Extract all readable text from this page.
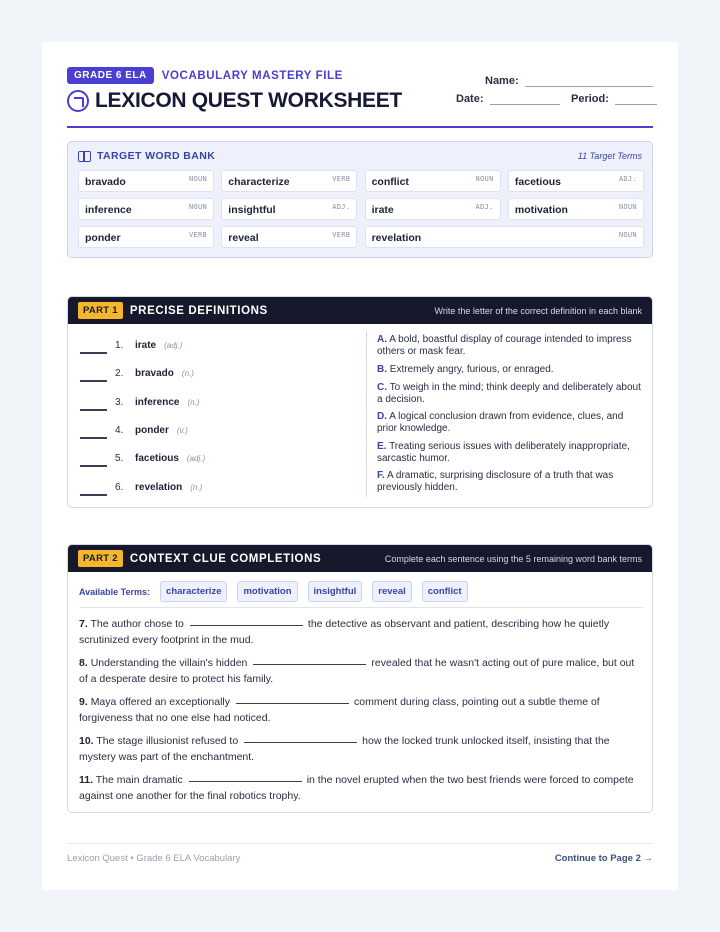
GRADE 6 ELA	VOCABULARY MASTERY FILE
LEXICON QUEST WORKSHEET
Name:
Date:	Period:
TARGET WORD BANK	11 Target Terms
bravado	NOUN characterize	VERB conflict	NOUN facetious	ADJ.
inference	NOUN insightful	ADJ. irate	ADJ. motivation	NOUN
ponder	VERB reveal	VERB revelation	NOUN
PART 1	PRECISE DEFINITIONS	Write the letter of the correct definition in each blank
1.	irate (adj.)
2.	bravado (n.)
3.	inference (n.)
4.	ponder (v.)
5.	facetious (adj.)
6.	revelation (n.)
A. A bold, boastful display of courage intended to impress others or mask fear.
B. Extremely angry, furious, or enraged.
C. To weigh in the mind; think deeply and deliberately about a decision.
D. A logical conclusion drawn from evidence, clues, and prior knowledge.
E. Treating serious issues with deliberately inappropriate, sarcastic humor.
F. A dramatic, surprising disclosure of a truth that was previously hidden.
PART 2	CONTEXT CLUE COMPLETIONS	Complete each sentence using the 5 remaining word bank terms
Available Terms:	characterize	motivation	insightful	reveal	conflict

7. The author chose to	the detective as observant and patient, describing how he quietly scrutinized every footprint in the mud.

8. Understanding the villain's hidden	revealed that he wasn't acting out of pure malice, but out of a desperate desire to protect his family.

9. Maya offered an exceptionally	comment during class, pointing out a subtle theme of forgiveness that no one else had noticed.

10. The stage illusionist refused to	how the locked trunk unlocked itself, insisting that the mystery was part of the enchantment.

11. The main dramatic	in the novel erupted when the two best friends were forced to compete against one another for the final robotics trophy.

Lexicon Quest • Grade 6 ELA Vocabulary	Continue to Page 2 →
